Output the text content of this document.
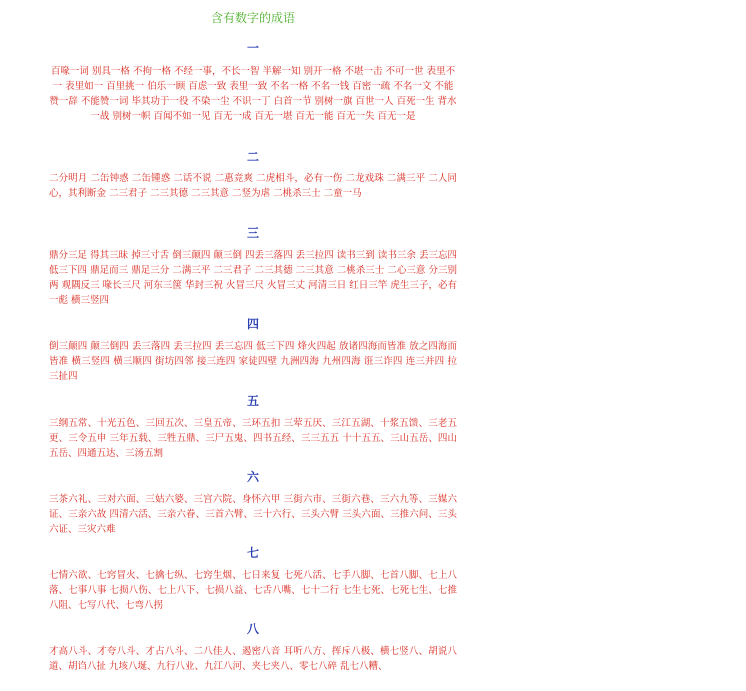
含有数字的成语
一
百喙一词 别具一格 不拘一格 不经一事，不长一智 半解一知 别开一格 不堪一击 不可一世 表里不一 表里如一 百里挑一 伯乐一顾 百虑一致 表里一致 不名一格 不名一钱 百密一疏 不名一文 不能赞一辞 不能赞一词 毕其功于一役 不染一尘 不识一丁 白首一节 别树一旗 百世一人 百死一生 背水一战 别树一帜 百闻不如一见 百无一成 百无一堪 百无一能 百无一失 百无一是
二
二分明月 二缶钟惑 二缶锺惑 二话不说 二惠竞爽 二虎相斗，必有一伤 二龙戏珠 二满三平 二人同心，其利断金 二三君子 二三其德 二三其意 二竖为虐 二桃杀三士 二童一马
三
鼎分三足 得其三昧 掉三寸舌 倒三颠四 颠三倒 四丢三落四 丢三拉四 读书三到 读书三余 丢三忘四 低三下四 鼎足而三 鼎足三分 二满三平 二三君子 二三其德 二三其意 二桃杀三士 二心三意 分三别两 观隅反三 喙长三尺 河东三箧 华封三祝 火冒三尺 火冒三丈 河清三日 红日三竿 虎生三子，必有一彪 横三竖四
四
倒三颠四 颠三倒四 丢三落四 丢三拉四 丢三忘四 低三下四 烽火四起 放诸四海而皆准 放之四海而皆准 横三竖四 横三顺四 街坊四邻 接三连四 家徒四壁 九洲四海 九州四海 诳三诈四 连三并四 拉三扯四
五
三纲五常、十光五色、三回五次、三皇五帝、三环五扣 三荤五厌、三江五湖、十浆五馈、三老五更、三令五申 三年五载、三牲五鼎、三尸五鬼、四书五经、三三五五 十十五五、三山五岳、四山五岳、四通五达、三汤五割
六
三茶六礼、三对六面、三姑六婆、三宫六院、身怀六甲 三街六市、三街六巷、三六九等、三媒六证、三亲六故 四清六活、三亲六眷、三首六臂、三十六行、三头六臂 三头六面、三推六问、三头六证、三灾六难
七
七情六欲、七窍冒火、七擒七纵、七窍生烟、七日来复 七死八活、七手八脚、七首八脚、七上八落、七事八事 七损八伤、七上八下、七损八益、七舌八嘴、七十二行 七生七死、七死七生、七推八阻、七写八代、七弯八拐
八
才高八斗、才夸八斗、才占八斗、二八佳人、遏密八音 耳听八方、挥斥八极、横七竖八、胡说八道、胡诌八扯 九垓八埏、九行八业、九江八河、夹七夹八、零七八碎 乱七八糟、
